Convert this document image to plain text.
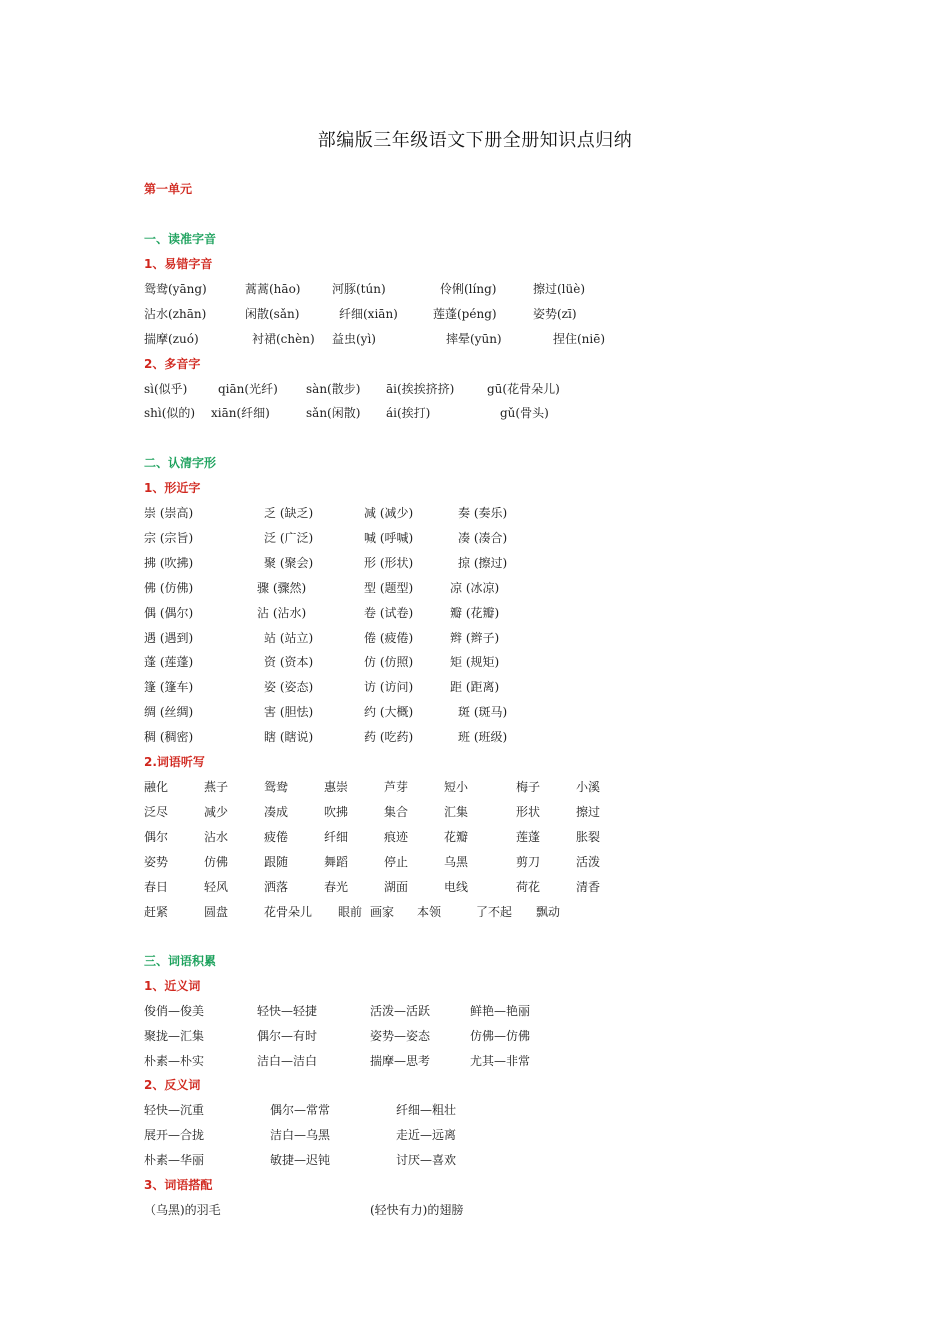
部编版三年级语文下册全册知识点归纳
第一单元
一、读准字音
1、易错字音
鸳鸯(yāng)	蒿蒿(hāo)	河豚(tún)	伶俐(líng)	擦过(lüè)
沾水(zhān)	闲散(sǎn)	纤细(xiān)	莲蓬(péng)	姿势(zī)
揣摩(zuó)	衬裙(chèn) 益虫(yì)	摔晕(yūn)	捏住(niē)
2、多音字
sì(似乎)	qiān(光纤) sàn(散步) āi(挨挨挤挤)	gū(花骨朵儿)
shì(似的) xiān(纤细)	sǎn(闲散) ái(挨打)	gǔ(骨头)
二、认清字形
1、形近字
崇 (崇高)	乏 (缺乏)	减 (减少)	奏 (奏乐)
宗 (宗旨)	泛 (广泛)	喊 (呼喊)	凑 (凑合)
拂 (吹拂)	聚 (聚会)	形 (形状)	掠 (擦过)
佛 (仿佛)	骤 (骤然)	型 (题型)	凉 (冰凉)
偶 (偶尔)	沾 (沾水)	卷 (试卷)	瓣 (花瓣)
遇 (遇到)	站 (站立)	倦 (疲倦)	辫 (辫子)
蓬 (莲蓬)	资 (资本)	仿 (仿照)	矩 (规矩)
篷 (篷车)	姿 (姿态)	访 (访问)	距 (距离)
绸 (丝绸)	害 (胆怯)	约 (大概)	斑 (斑马)
稠 (稠密)	瞎 (瞎说)	药 (吃药)	班 (班级)
2.词语听写
融化	燕子	鸳鸯	惠崇	芦芽	短小	梅子	小溪
泛尽	减少	凑成	吹拂	集合	汇集	形状	擦过
偶尔	沾水	疲倦	纤细	痕迹	花瓣	莲蓬	胀裂
姿势	仿佛	跟随	舞蹈	停止	乌黑	剪刀	活泼
春日	轻风	洒落	春光	湖面	电线	荷花	清香
赶紧	圆盘	花骨朵儿 眼前 画家 本领	了不起 飘动
三、词语积累
1、近义词
俊俏—俊美	轻快—轻捷	活泼—活跃	鲜艳—艳丽
聚拢—汇集	偶尔—有时	姿势—姿态	仿佛—仿佛
朴素—朴实	洁白—洁白	揣摩—思考	尤其—非常
2、反义词
轻快—沉重	偶尔—常常	纤细—粗壮
展开—合拢	洁白—乌黑	走近—远离
朴素—华丽	敏捷—迟钝	讨厌—喜欢
3、词语搭配
（乌黑)的羽毛	(轻快有力)的翅膀
